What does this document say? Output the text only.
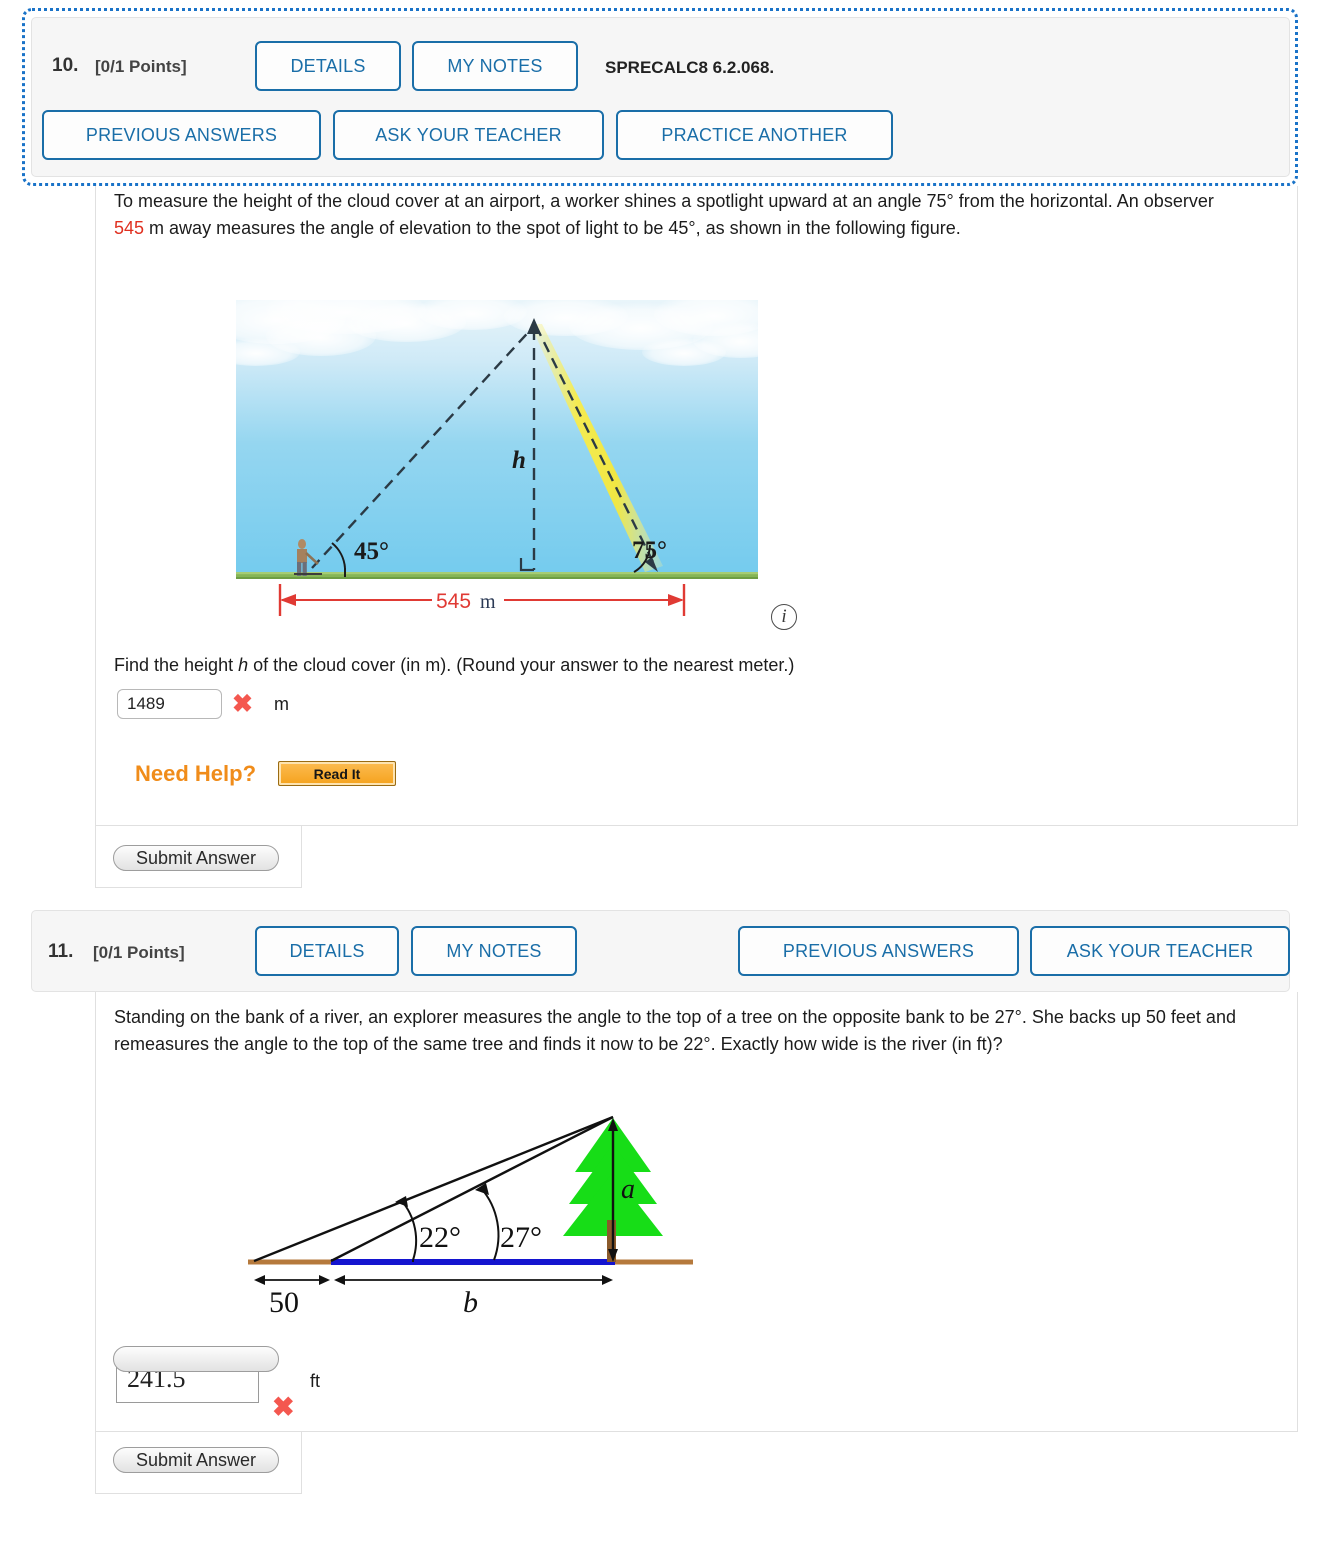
10. [0/1 Points]	DETAILS	MY NOTES	SPRECALC8 6.2.068.
PREVIOUS ANSWERS	ASK YOUR TEACHER	PRACTICE ANOTHER
To measure the height of the cloud cover at an airport, a worker shines a spotlight upward at an angle 75° from the horizontal. An observer 545 m away measures the angle of elevation to the spot of light to be 45°, as shown in the following figure.
45°	75°
h
545 m
i
Find the height h of the cloud cover (in m). (Round your answer to the nearest meter.)
1489
✖ m
Need Help?	Read It
Submit Answer
11. [0/1 Points]	DETAILS	MY NOTES	PREVIOUS ANSWERS	ASK YOUR TEACHER
Standing on the bank of a river, an explorer measures the angle to the top of a tree on the opposite bank to be 27°. She backs up 50 feet and remeasures the angle to the top of the same tree and finds it now to be 22°. Exactly how wide is the river (in ft)?
a
22° 27°
50	b
241.5
✖
ft
Submit Answer
